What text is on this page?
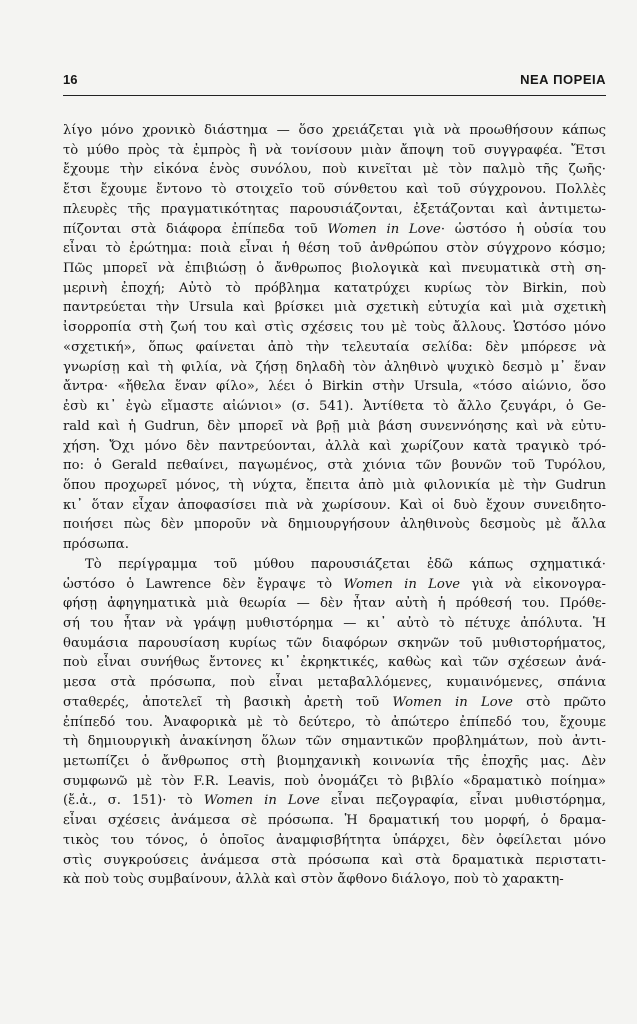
16	ΝΕΑ ΠΟΡΕΙΑ
λίγο μόνο χρονικὸ διάστημα — ὅσο χρειάζεται γιὰ νὰ προωθήσουν κάπως
τὸ μύθο πρὸς τὰ ἐμπρὸς ἢ νὰ τονίσουν μιὰν ἄποψη τοῦ συγγραφέα. Ἔτσι
ἔχουμε τὴν εἰκόνα ἑνὸς συνόλου, ποὺ κινεῖται μὲ τὸν παλμὸ τῆς ζωῆς·
ἔτσι ἔχουμε ἔντονο τὸ στοιχεῖο τοῦ σύνθετου καὶ τοῦ σύγχρονου. Πολλὲς
πλευρὲς τῆς πραγματικότητας παρουσιάζονται, ἐξετάζονται καὶ ἀντιμετω-
πίζονται στὰ διάφορα ἐπίπεδα τοῦ Women in Love· ὡστόσο ἡ οὐσία του
εἶναι τὸ ἐρώτημα: ποιὰ εἶναι ἡ θέση τοῦ ἀνθρώπου στὸν σύγχρονο κόσμο;
Πῶς μπορεῖ νὰ ἐπιβιώσῃ ὁ ἄνθρωπος βιολογικὰ καὶ πνευματικὰ στὴ ση-
μερινὴ ἐποχή; Αὐτὸ τὸ πρόβλημα κατατρύχει κυρίως τὸν Birkin, ποὺ
παντρεύεται τὴν Ursula καὶ βρίσκει μιὰ σχετικὴ εὐτυχία καὶ μιὰ σχετικὴ
ἰσορροπία στὴ ζωή του καὶ στὶς σχέσεις του μὲ τοὺς ἄλλους. Ὡστόσο μόνο
«σχετική», ὅπως φαίνεται ἀπὸ τὴν τελευταία σελίδα: δὲν μπόρεσε νὰ
γνωρίσῃ καὶ τὴ φιλία, νὰ ζήσῃ δηλαδὴ τὸν ἀληθινὸ ψυχικὸ δεσμὸ μ᾽ ἕναν
ἄντρα· «ἤθελα ἕναν φίλο», λέει ὁ Birkin στὴν Ursula, «τόσο αἰώνιο, ὅσο
ἐσὺ κι᾽ ἐγὼ εἴμαστε αἰώνιοι» (σ. 541). Ἀντίθετα τὸ ἄλλο ζευγάρι, ὁ Ge-
rald καὶ ἡ Gudrun, δὲν μπορεῖ νὰ βρῇ μιὰ βάση συνεννόησης καὶ νὰ εὐτυ-
χήση. Ὄχι μόνο δὲν παντρεύονται, ἀλλὰ καὶ χωρίζουν κατὰ τραγικὸ τρό-
πο: ὁ Gerald πεθαίνει, παγωμένος, στὰ χιόνια τῶν βουνῶν τοῦ Τυρόλου,
ὅπου προχωρεῖ μόνος, τὴ νύχτα, ἔπειτα ἀπὸ μιὰ φιλονικία μὲ τὴν Gudrun
κι᾽ ὅταν εἶχαν ἀποφασίσει πιὰ νὰ χωρίσουν. Καὶ οἱ δυὸ ἔχουν συνειδητο-
ποιήσει πὼς δὲν μποροῦν νὰ δημιουργήσουν ἀληθινοὺς δεσμοὺς μὲ ἄλλα
πρόσωπα.
Τὸ περίγραμμα τοῦ μύθου παρουσιάζεται ἐδῶ κάπως σχηματικά·
ὡστόσο ὁ Lawrence δὲν ἔγραψε τὸ Women in Love γιὰ νὰ εἰκονογρα-
φήσῃ ἀφηγηματικὰ μιὰ θεωρία — δὲν ἦταν αὐτὴ ἡ πρόθεσή του. Πρόθε-
σή του ἦταν νὰ γράψῃ μυθιστόρημα — κι᾽ αὐτὸ τὸ πέτυχε ἀπόλυτα. Ἡ
θαυμάσια παρουσίαση κυρίως τῶν διαφόρων σκηνῶν τοῦ μυθιστορήματος,
ποὺ εἶναι συνήθως ἔντονες κι᾽ ἐκρηκτικές, καθὼς καὶ τῶν σχέσεων ἀνά-
μεσα στὰ πρόσωπα, ποὺ εἶναι μεταβαλλόμενες, κυμαινόμενες, σπάνια
σταθερές, ἀποτελεῖ τὴ βασικὴ ἀρετὴ τοῦ Women in Love στὸ πρῶτο
ἐπίπεδό του. Ἀναφορικὰ μὲ τὸ δεύτερο, τὸ ἀπώτερο ἐπίπεδό του, ἔχουμε
τὴ δημιουργικὴ ἀνακίνηση ὅλων τῶν σημαντικῶν προβλημάτων, ποὺ ἀντι-
μετωπίζει ὁ ἄνθρωπος στὴ βιομηχανικὴ κοινωνία τῆς ἐποχῆς μας. Δὲν
συμφωνῶ μὲ τὸν F.R. Leavis, ποὺ ὀνομάζει τὸ βιβλίο «δραματικὸ ποίημα»
(ἔ.ἀ., σ. 151)· τὸ Women in Love εἶναι πεζογραφία, εἶναι μυθιστόρημα,
εἶναι σχέσεις ἀνάμεσα σὲ πρόσωπα. Ἡ δραματική του μορφή, ὁ δραμα-
τικὸς του τόνος, ὁ ὁποῖος ἀναμφισβήτητα ὑπάρχει, δὲν ὀφείλεται μόνο
στὶς συγκρούσεις ἀνάμεσα στὰ πρόσωπα καὶ στὰ δραματικὰ περιστατι-
κὰ ποὺ τοὺς συμβαίνουν, ἀλλὰ καὶ στὸν ἄφθονο διάλογο, ποὺ τὸ χαρακτη-
